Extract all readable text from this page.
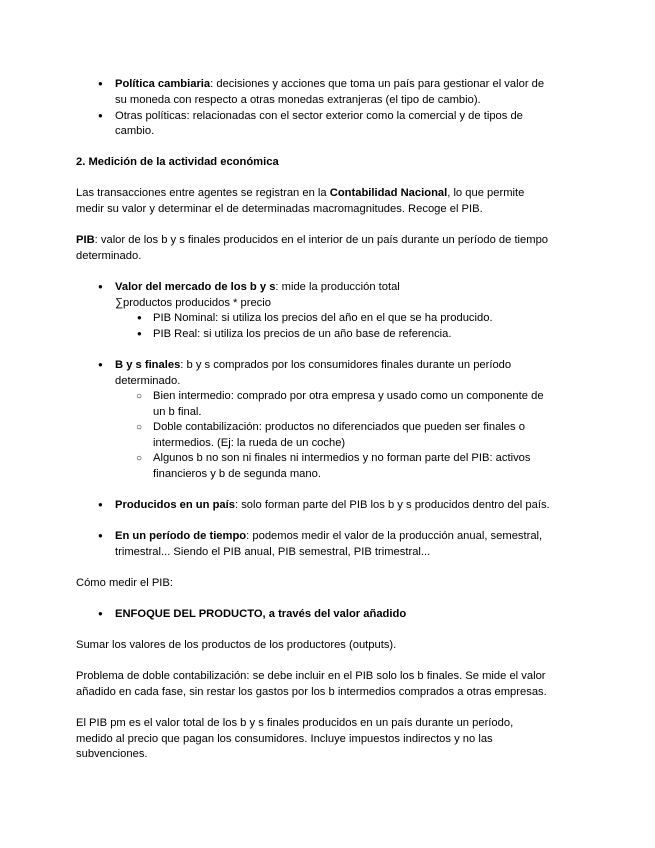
●
Política cambiaria: decisiones y acciones que toma un país para gestionar el valor de
su moneda con respecto a otras monedas extranjeras (el tipo de cambio).
●
Otras políticas: relacionadas con el sector exterior como la comercial y de tipos de
cambio.
2. Medición de la actividad económica
Las transacciones entre agentes se registran en la Contabilidad Nacional, lo que permite
medir su valor y determinar el de determinadas macromagnitudes. Recoge el PIB.
PIB: valor de los b y s finales producidos en el interior de un país durante un período de tiempo
determinado.
●
Valor del mercado de los b y s: mide la producción total
∑productos producidos * precio
●
PIB Nominal: si utiliza los precios del año en el que se ha producido.
●
PIB Real: si utiliza los precios de un año base de referencia.
●
B y s finales: b y s comprados por los consumidores finales durante un período
determinado.
○
Bien intermedio: comprado por otra empresa y usado como un componente de
un b final.
○
Doble contabilización: productos no diferenciados que pueden ser finales o
intermedios. (Ej: la rueda de un coche)
○
Algunos b no son ni finales ni intermedios y no forman parte del PIB: activos
financieros y b de segunda mano.
●
Producidos en un país: solo forman parte del PIB los b y s producidos dentro del país.
●
En un período de tiempo: podemos medir el valor de la producción anual, semestral,
trimestral... Siendo el PIB anual, PIB semestral, PIB trimestral...
Cómo medir el PIB:
●
ENFOQUE DEL PRODUCTO, a través del valor añadido
Sumar los valores de los productos de los productores (outputs).
Problema de doble contabilización: se debe incluir en el PIB solo los b finales. Se mide el valor
añadido en cada fase, sin restar los gastos por los b intermedios comprados a otras empresas.
El PIB pm es el valor total de los b y s finales producidos en un país durante un período,
medido al precio que pagan los consumidores. Incluye impuestos indirectos y no las
subvenciones.
